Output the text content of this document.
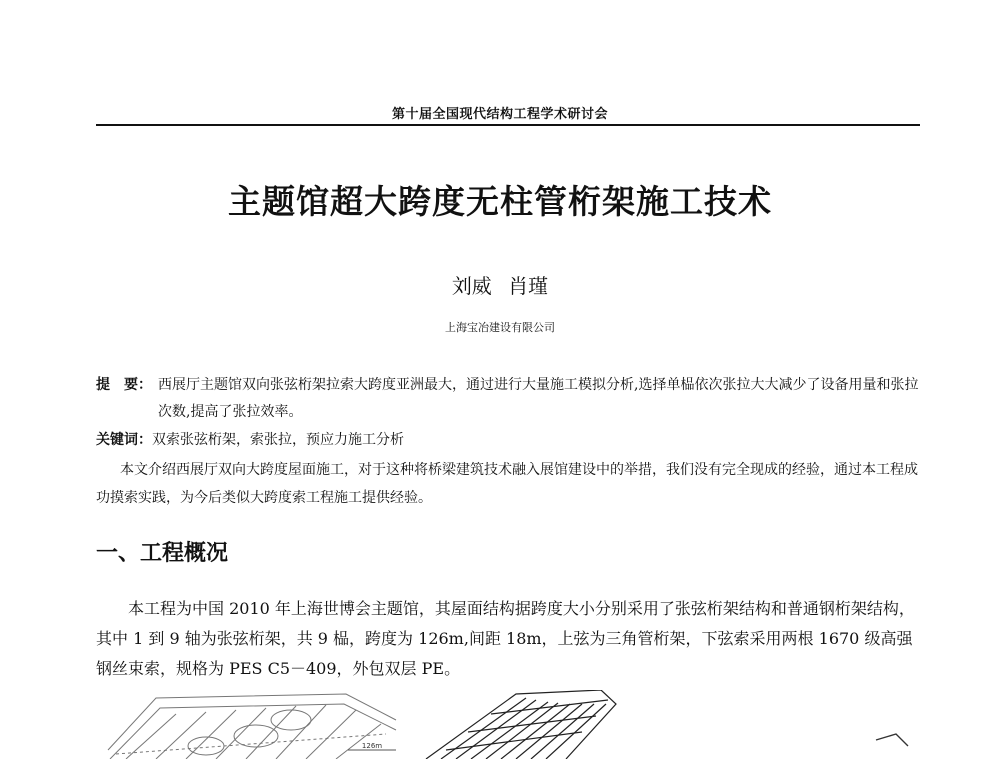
第十届全国现代结构工程学术研讨会
主题馆超大跨度无柱管桁架施工技术
刘威 肖瑾
上海宝冶建设有限公司
提　要： 西展厅主题馆双向张弦桁架拉索大跨度亚洲最大，通过进行大量施工模拟分析,选择单榀依次张拉大大减少了设备用量和张拉次数,提高了张拉效率。
关键词：双索张弦桁架，索张拉，预应力施工分析
本文介绍西展厅双向大跨度屋面施工，对于这种将桥梁建筑技术融入展馆建设中的举措，我们没有完全现成的经验，通过本工程成功摸索实践，为今后类似大跨度索工程施工提供经验。
一、工程概况
本工程为中国 2010 年上海世博会主题馆，其屋面结构据跨度大小分别采用了张弦桁架结构和普通钢桁架结构，其中 1 到 9 轴为张弦桁架，共 9 榀，跨度为 126m,间距 18m，上弦为三角管桁架，下弦索采用两根 1670 级高强钢丝束索，规格为 PES C5－409，外包双层 PE。
126m
